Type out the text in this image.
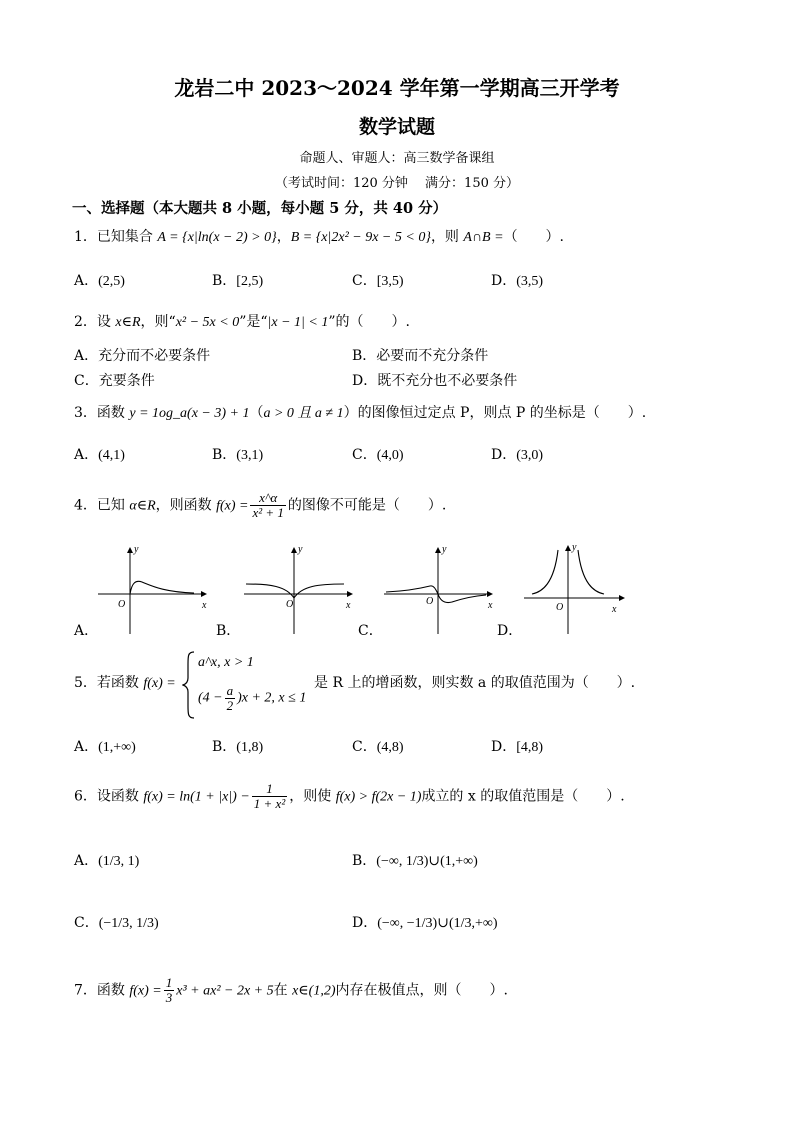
龙岩二中 2023～2024 学年第一学期高三开学考
数学试题
命题人、审题人：高三数学备课组
（考试时间：120 分钟　 满分：150 分）
一、选择题（本大题共 8 小题，每小题 5 分，共 40 分）
1．已知集合 A = {x|ln(x − 2) > 0}，B = {x|2x² − 9x − 5 < 0}，则 A∩B =（　　）.
A．(2,5)	B．[2,5)	C．[3,5)	D．(3,5)
2．设 x∈R，则“x² − 5x < 0”是“|x − 1| < 1”的（　　）.
A．充分而不必要条件	B．必要而不充分条件
C．充要条件	D．既不充分也不必要条件
3．函数 y = 1og_a(x − 3) + 1（a > 0 且 a ≠ 1）的图像恒过定点 P，则点 P 的坐标是（　　）.
A．(4,1)	B．(3,1)	C．(4,0)	D．(3,0)
4．已知 α∈R，则函数 $f(x) = \frac{x\^{}\alpha}{\text{x² + 1}}$ 的图像不可能是（　　）.
y
x
O
y
x
O
y
x
O
y
x
O
A．	B．	C．	D．
5．若函数 f(x) =
a^x, x > 1
$(4 - \frac{a}{2} )x + 2$, x ≤ 1
是 R 上的增函数，则实数 a 的取值范围为（　　）.
A．(1,+∞)	B．(1,8)	C．(4,8)	D．[4,8)
6．设函数 $f(x) = \ln(1 + |x|) - \frac{1}{\text{1 + x²}}$ ，则使 f(x) > f(2x − 1)成立的 x 的取值范围是（　　）.
A．(1/3, 1)	B．(−∞, 1/3)∪(1,+∞)
C．(−1/3, 1/3)	D．(−∞, −1/3)∪(1/3,+∞)
7．函数 $f(x) = \frac{1}{3} x^3 + ax^2 - 2x + 5$在 x∈(1,2)内存在极值点，则（　　）.
